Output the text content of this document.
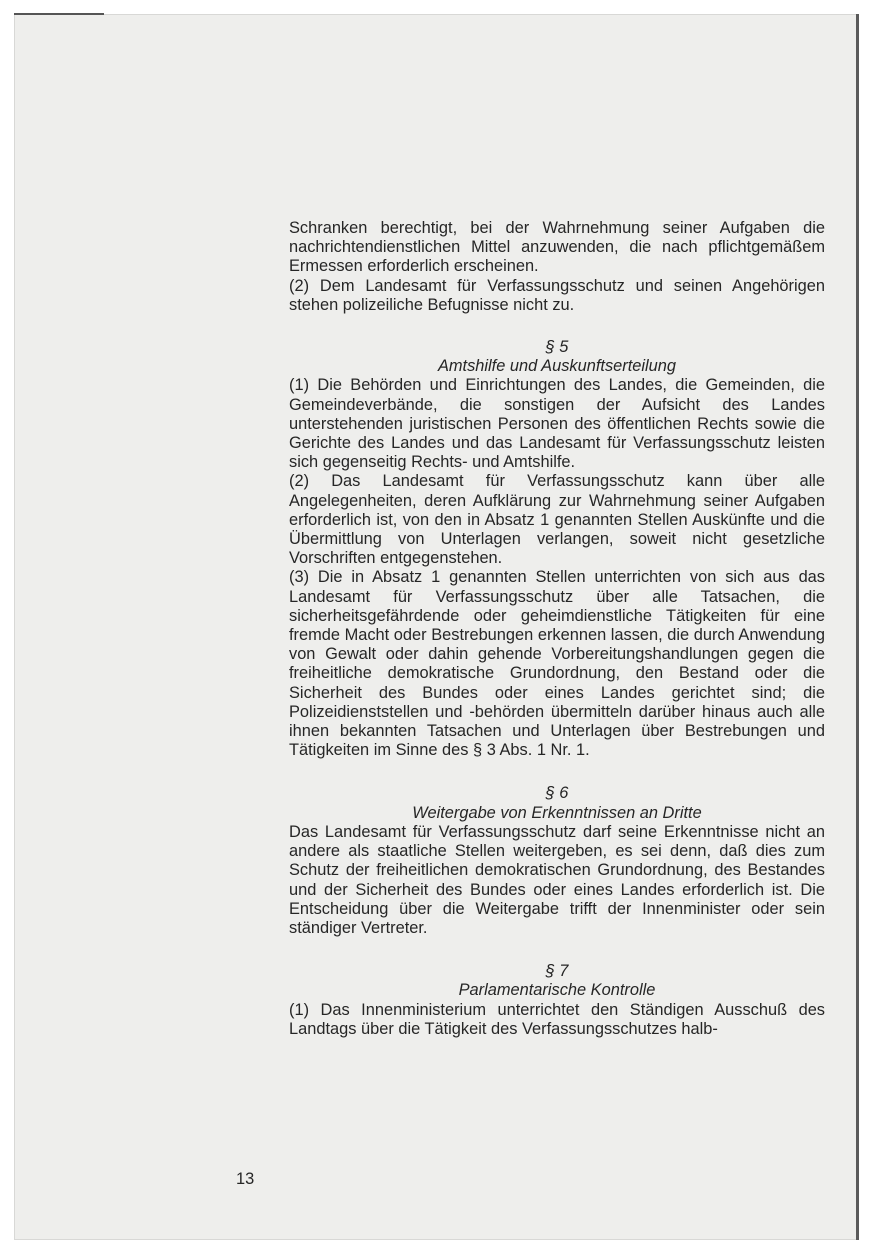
Schranken berechtigt, bei der Wahrnehmung seiner Aufgaben die nachrichtendienstlichen Mittel anzuwenden, die nach pflichtgemäßem Ermessen erforderlich erscheinen.

(2) Dem Landesamt für Verfassungsschutz und seinen Angehörigen stehen polizeiliche Befugnisse nicht zu.

§ 5
Amtshilfe und Auskunftserteilung

(1) Die Behörden und Einrichtungen des Landes, die Gemeinden, die Gemeindeverbände, die sonstigen der Aufsicht des Landes unterstehenden juristischen Personen des öffentlichen Rechts sowie die Gerichte des Landes und das Landesamt für Verfassungsschutz leisten sich gegenseitig Rechts- und Amtshilfe.

(2) Das Landesamt für Verfassungsschutz kann über alle Angelegenheiten, deren Aufklärung zur Wahrnehmung seiner Aufgaben erforderlich ist, von den in Absatz 1 genannten Stellen Auskünfte und die Übermittlung von Unterlagen verlangen, soweit nicht gesetzliche Vorschriften entgegenstehen.

(3) Die in Absatz 1 genannten Stellen unterrichten von sich aus das Landesamt für Verfassungsschutz über alle Tatsachen, die sicherheitsgefährdende oder geheimdienstliche Tätigkeiten für eine fremde Macht oder Bestrebungen erkennen lassen, die durch Anwendung von Gewalt oder dahin gehende Vorbereitungshandlungen gegen die freiheitliche demokratische Grundordnung, den Bestand oder die Sicherheit des Bundes oder eines Landes gerichtet sind; die Polizeidienststellen und -behörden übermitteln darüber hinaus auch alle ihnen bekannten Tatsachen und Unterlagen über Bestrebungen und Tätigkeiten im Sinne des § 3 Abs. 1 Nr. 1.

§ 6
Weitergabe von Erkenntnissen an Dritte

Das Landesamt für Verfassungsschutz darf seine Erkenntnisse nicht an andere als staatliche Stellen weitergeben, es sei denn, daß dies zum Schutz der freiheitlichen demokratischen Grundordnung, des Bestandes und der Sicherheit des Bundes oder eines Landes erforderlich ist. Die Entscheidung über die Weitergabe trifft der Innenminister oder sein ständiger Vertreter.

§ 7
Parlamentarische Kontrolle

(1) Das Innenministerium unterrichtet den Ständigen Ausschuß des Landtags über die Tätigkeit des Verfassungsschutzes halb-

13
